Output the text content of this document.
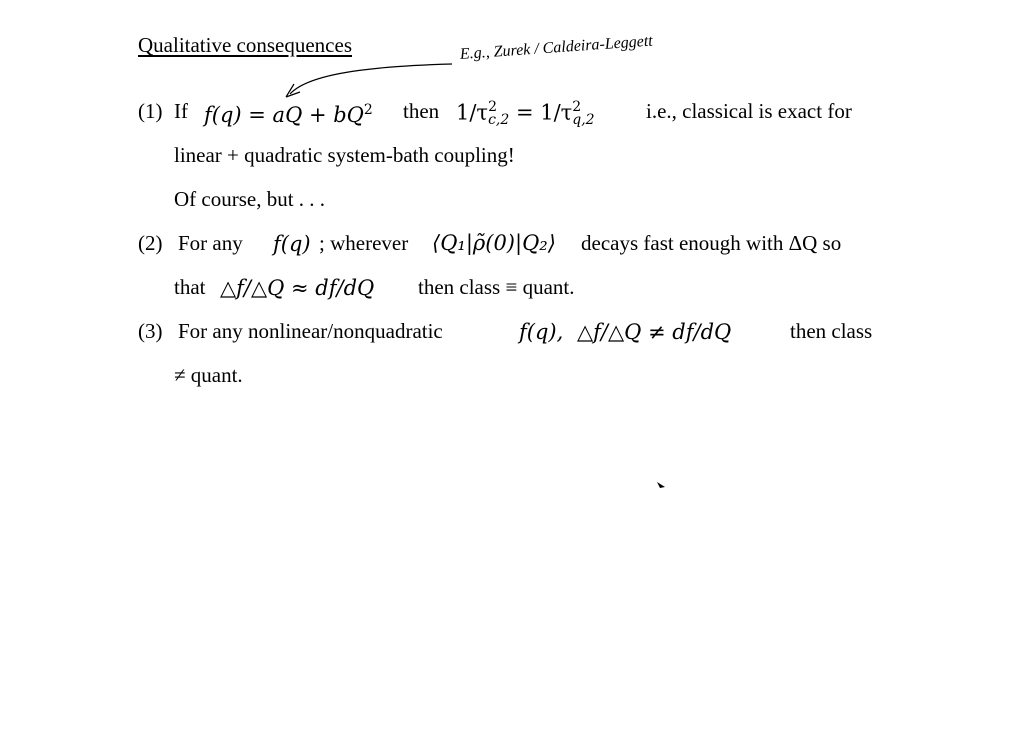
Qualitative consequences	E.g., Zurek / Caldeira-Leggett
(1) If f(q) = aQ + $bQ^2$ then 1/τ 2
c,2 = 1/τ 2
q,2 i.e., classical is exact for
linear + quadratic system-bath coupling!
Of course, but . . .
(2) For any f(q) ; wherever ⟨Q₁|ρ̃(0)|Q₂⟩ decays fast enough with ΔQ so
that △f/△Q ≈ df/dQ then class ≡ quant.
(3) For any nonlinear/nonquadratic	f(q), △f/△Q ≠ df/dQ	then class
≠ quant.
